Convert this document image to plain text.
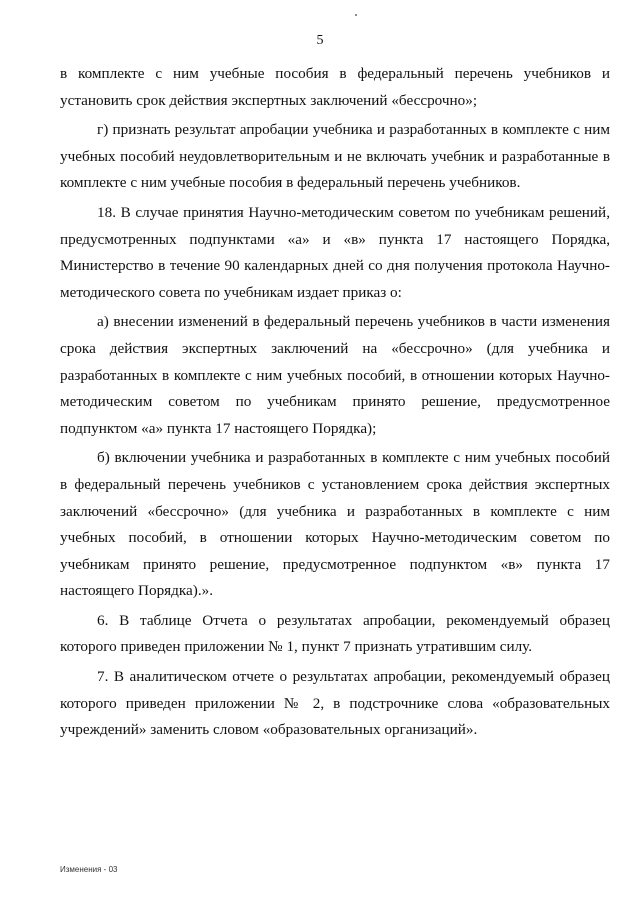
5

в комплекте с ним учебные пособия в федеральный перечень учебников и установить срок действия экспертных заключений «бессрочно»;

г) признать результат апробации учебника и разработанных в комплекте с ним учебных пособий неудовлетворительным и не включать учебник и разработанные в комплекте с ним учебные пособия в федеральный перечень учебников.

18. В случае принятия Научно-методическим советом по учебникам решений, предусмотренных подпунктами «а» и «в» пункта 17 настоящего Порядка, Министерство в течение 90 календарных дней со дня получения протокола Научно-методического совета по учебникам издает приказ о:

а) внесении изменений в федеральный перечень учебников в части изменения срока действия экспертных заключений на «бессрочно» (для учебника и разработанных в комплекте с ним учебных пособий, в отношении которых Научно-методическим советом по учебникам принято решение, предусмотренное подпунктом «а» пункта 17 настоящего Порядка);

б) включении учебника и разработанных в комплекте с ним учебных пособий в федеральный перечень учебников с установлением срока действия экспертных заключений «бессрочно» (для учебника и разработанных в комплекте с ним учебных пособий, в отношении которых Научно-методическим советом по учебникам принято решение, предусмотренное подпунктом «в» пункта 17 настоящего Порядка).».

6. В таблице Отчета о результатах апробации, рекомендуемый образец которого приведен приложении № 1, пункт 7 признать утратившим силу.

7. В аналитическом отчете о результатах апробации, рекомендуемый образец которого приведен приложении № 2, в подстрочнике слова «образовательных учреждений» заменить словом «образовательных организаций».

Изменения - 03
